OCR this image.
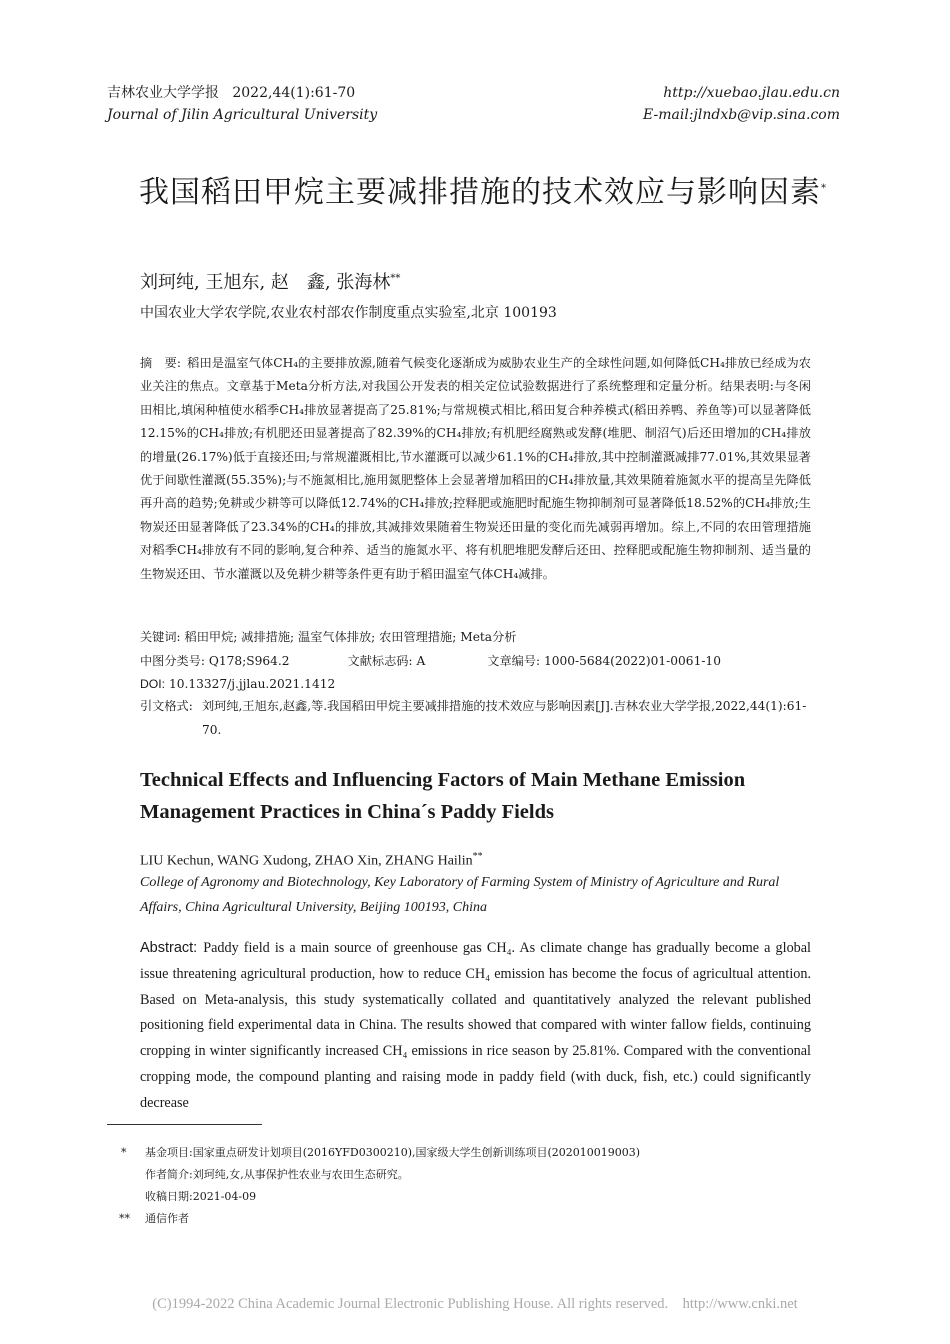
吉林农业大学学报 2022,44(1):61-70
Journal of Jilin Agricultural University
http://xuebao.jlau.edu.cn
E-mail:jlndxb@vip.sina.com
我国稻田甲烷主要减排措施的技术效应与影响因素*
刘珂纯, 王旭东, 赵　鑫, 张海林**
中国农业大学农学院,农业农村部农作制度重点实验室,北京 100193
摘　要: 稻田是温室气体CH₄的主要排放源,随着气候变化逐渐成为威胁农业生产的全球性问题,如何降低CH₄排放已经成为农业关注的焦点。文章基于Meta分析方法,对我国公开发表的相关定位试验数据进行了系统整理和定量分析。结果表明:与冬闲田相比,填闲种植使水稻季CH₄排放显著提高了25.81%;与常规模式相比,稻田复合种养模式(稻田养鸭、养鱼等)可以显著降低12.15%的CH₄排放;有机肥还田显著提高了82.39%的CH₄排放;有机肥经腐熟或发酵(堆肥、制沼气)后还田增加的CH₄排放的增量(26.17%)低于直接还田;与常规灌溉相比,节水灌溉可以减少61.1%的CH₄排放,其中控制灌溉减排77.01%,其效果显著优于间歇性灌溉(55.35%);与不施氮相比,施用氮肥整体上会显著增加稻田的CH₄排放量,其效果随着施氮水平的提高呈先降低再升高的趋势;免耕或少耕等可以降低12.74%的CH₄排放;控释肥或施肥时配施生物抑制剂可显著降低18.52%的CH₄排放;生物炭还田显著降低了23.34%的CH₄的排放,其减排效果随着生物炭还田量的变化而先减弱再增加。综上,不同的农田管理措施对稻季CH₄排放有不同的影响,复合种养、适当的施氮水平、将有机肥堆肥发酵后还田、控释肥或配施生物抑制剂、适当量的生物炭还田、节水灌溉以及免耕少耕等条件更有助于稻田温室气体CH₄减排。
关键词: 稻田甲烷; 减排措施; 温室气体排放; 农田管理措施; Meta分析
中图分类号: Q178;S964.2	文献标志码: A	文章编号: 1000-5684(2022)01-0061-10
DOI: 10.13327/j.jjlau.2021.1412
引文格式: 刘珂纯,王旭东,赵鑫,等.我国稻田甲烷主要减排措施的技术效应与影响因素[J].吉林农业大学学报,2022,44(1):61-70.
Technical Effects and Influencing Factors of Main Methane Emission Management Practices in China´s Paddy Fields
LIU Kechun, WANG Xudong, ZHAO Xin, ZHANG Hailin**
College of Agronomy and Biotechnology, Key Laboratory of Farming System of Ministry of Agriculture and Rural Affairs, China Agricultural University, Beijing 100193, China
Abstract: Paddy field is a main source of greenhouse gas CH₄. As climate change has gradually become a global issue threatening agricultural production, how to reduce CH₄ emission has become the focus of agricultual attention. Based on Meta-analysis, this study systematically collated and quantitatively analyzed the relevant published positioning field experimental data in China. The results showed that compared with winter fallow fields, continuing cropping in winter significantly increased CH₄ emissions in rice season by 25.81%. Compared with the conventional cropping mode, the compound planting and raising mode in paddy field (with duck, fish, etc.) could significantly decrease
* 基金项目:国家重点研发计划项目(2016YFD0300210),国家级大学生创新训练项目(202010019003)
作者简介:刘珂纯,女,从事保护性农业与农田生态研究。
收稿日期:2021-04-09
** 通信作者
(C)1994-2022 China Academic Journal Electronic Publishing House. All rights reserved.    http://www.cnki.net
